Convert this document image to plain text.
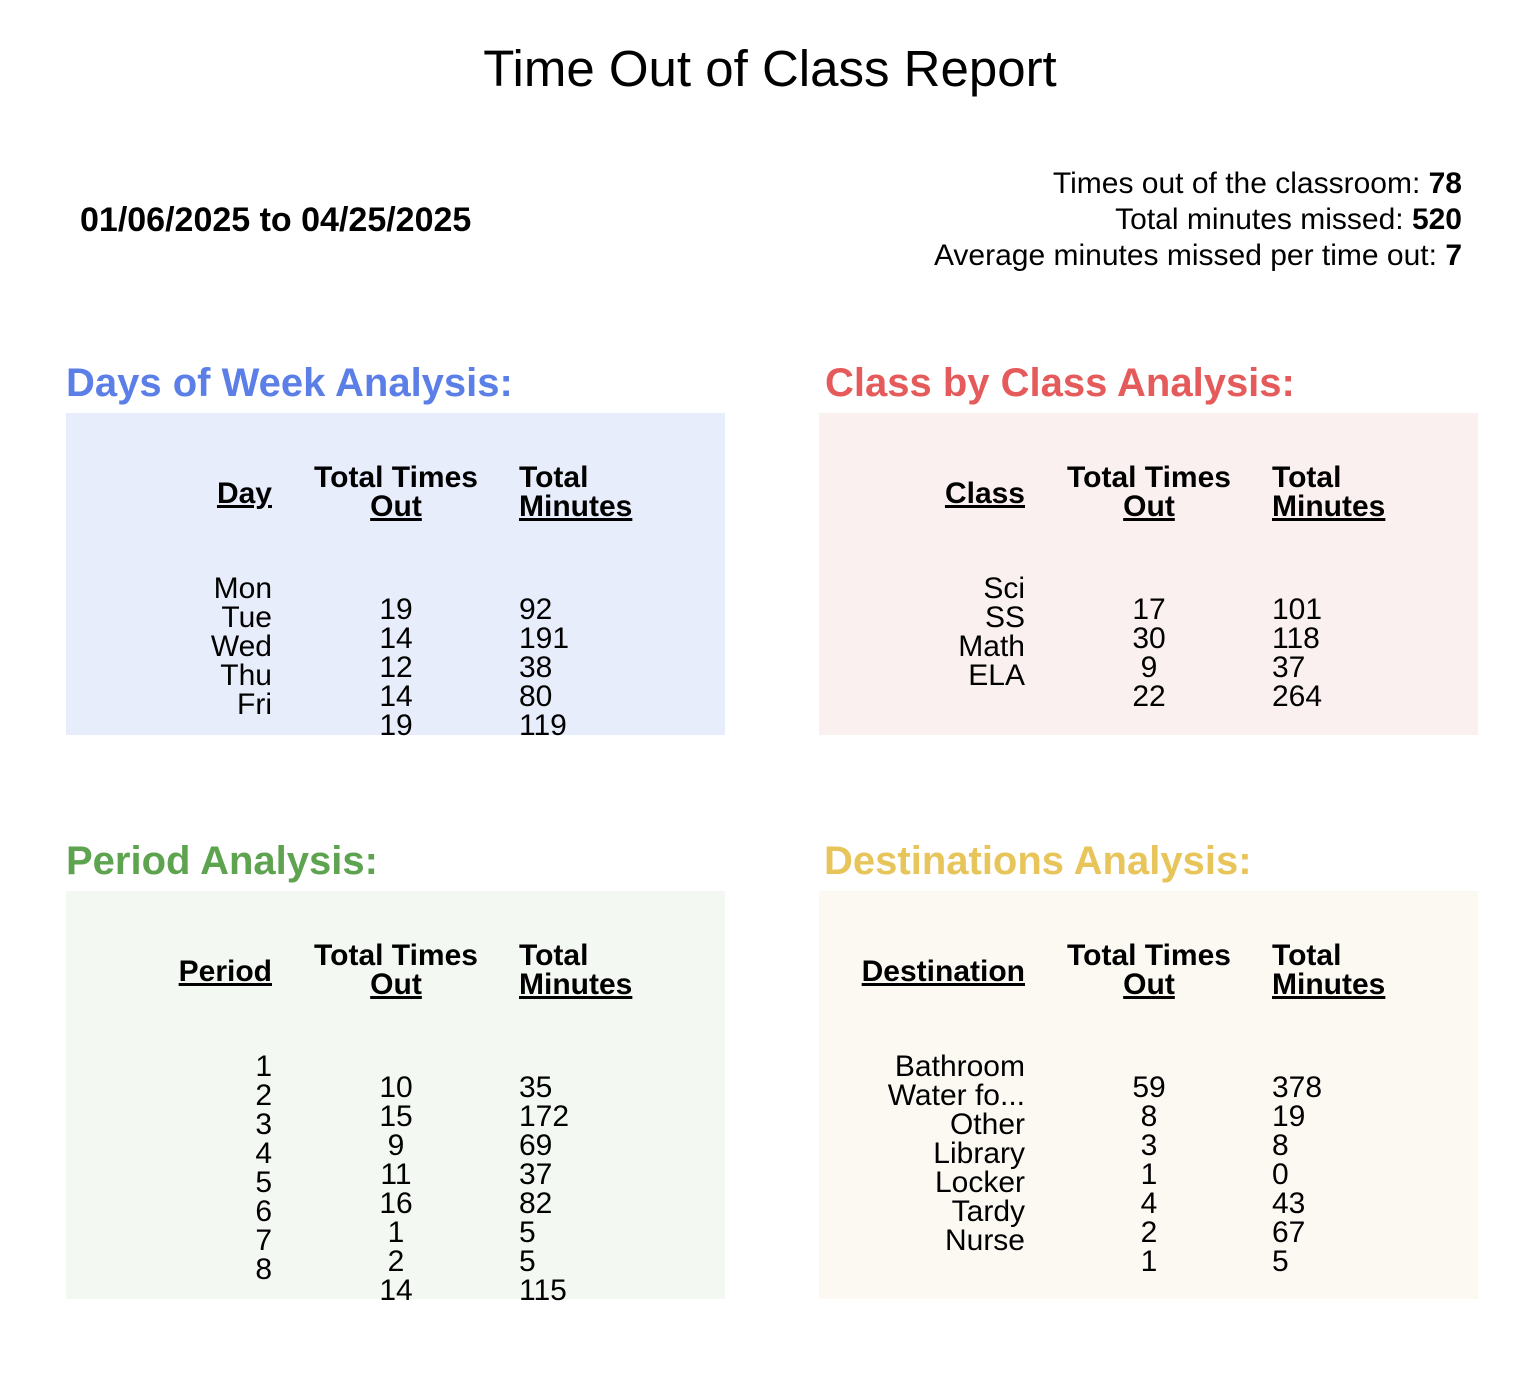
Time Out of Class Report
01/06/2025 to 04/25/2025
Times out of the classroom: 78
Total minutes missed: 520
Average minutes missed per time out: 7
Days of Week Analysis:
Day
Mon
Tue
Wed
Thu
Fri
Total Times
Out
19
14
12
14
19
Total
Minutes
92
191
38
80
119
Class by Class Analysis:
Class
Sci
SS
Math
ELA
Total Times
Out
17
30
9
22
Total
Minutes
101
118
37
264
Period Analysis:
Period
1
2
3
4
5
6
7
8
Total Times
Out
10
15
9
11
16
1
2
14
Total
Minutes
35
172
69
37
82
5
5
115
Destinations Analysis:
Destination
Bathroom
Water fo...
Other
Library
Locker
Tardy
Nurse
Total Times
Out
59
8
3
1
4
2
1
Total
Minutes
378
19
8
0
43
67
5
